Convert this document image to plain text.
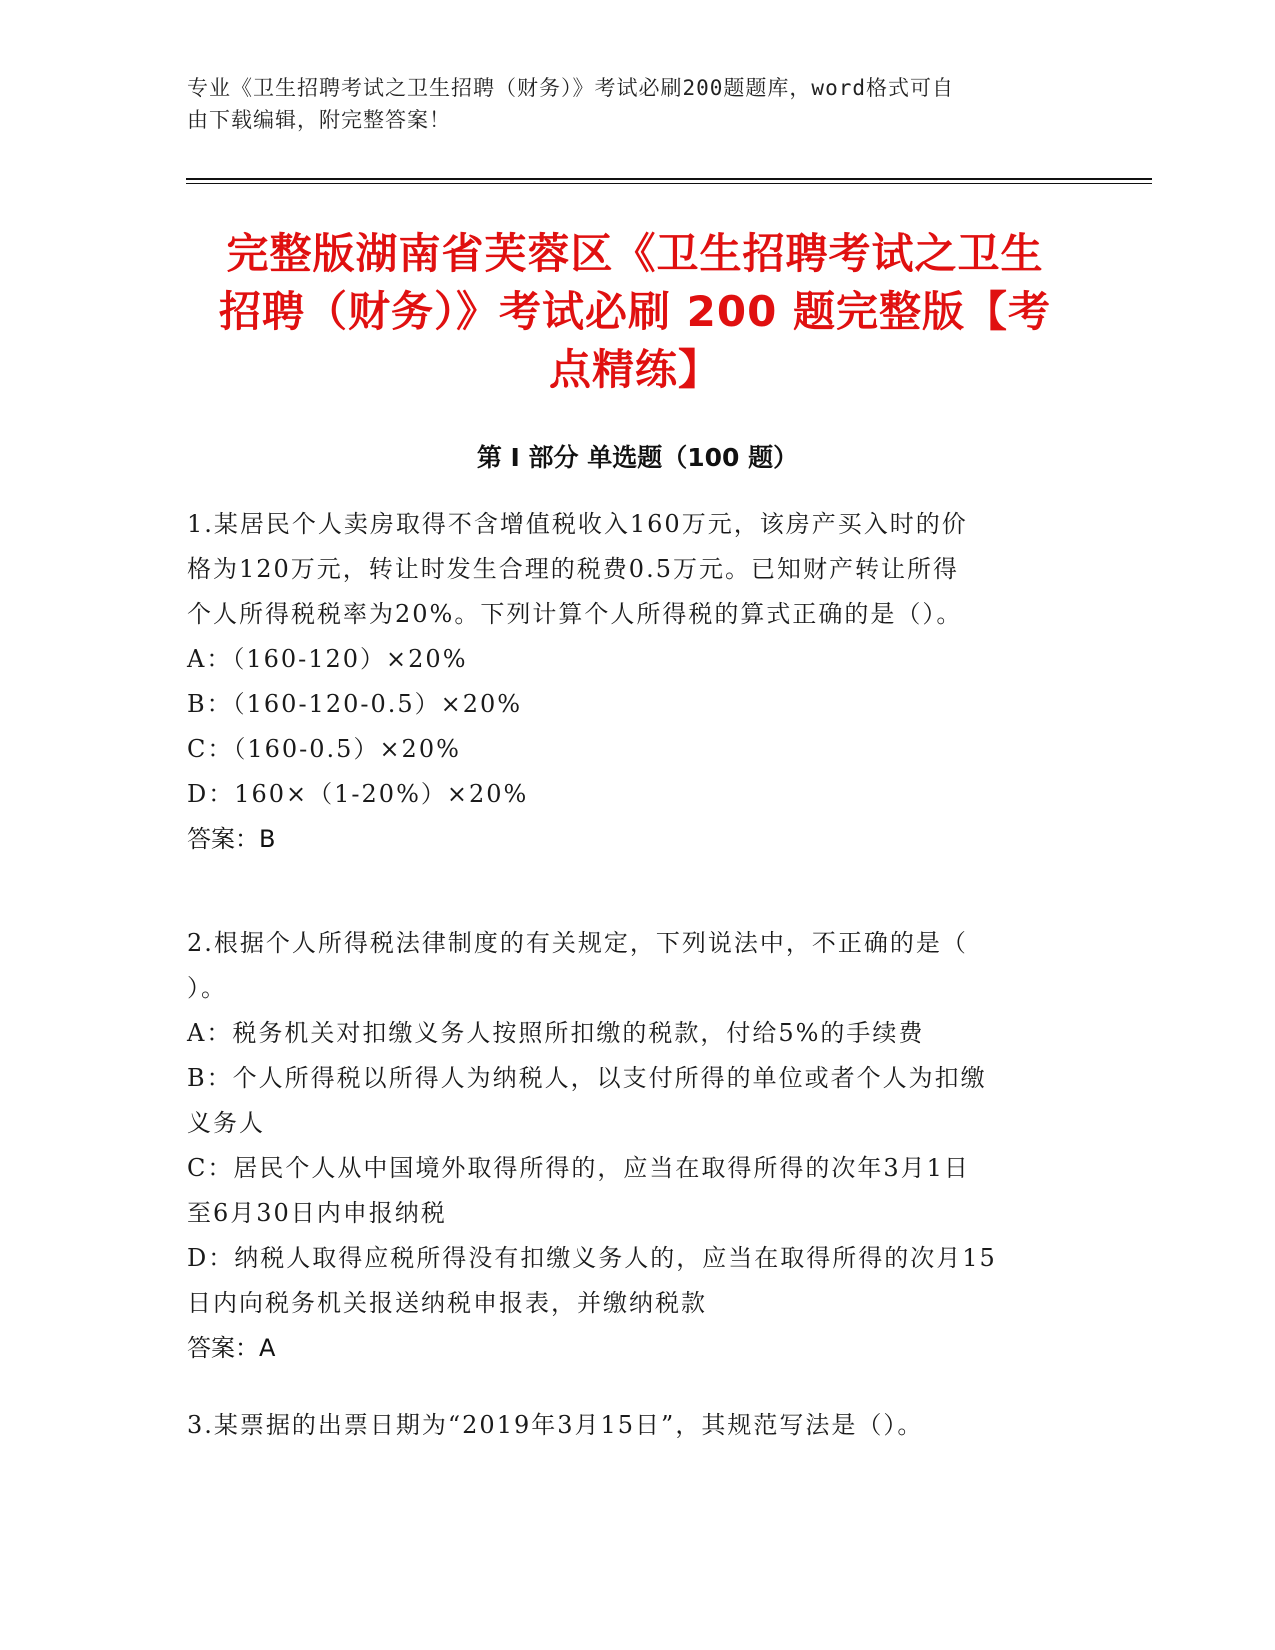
专业《卫生招聘考试之卫生招聘（财务）》考试必刷200题题库，word格式可自
由下载编辑，附完整答案！
完整版湖南省芙蓉区《卫生招聘考试之卫生
招聘（财务）》考试必刷 200 题完整版【考
点精练】
第 I 部分 单选题（100 题）

1.某居民个人卖房取得不含增值税收入160万元，该房产买入时的价

格为120万元，转让时发生合理的税费0.5万元。已知财产转让所得

个人所得税税率为20%。下列计算个人所得税的算式正确的是（）。

A：（160-120）×20%

B：（160-120-0.5）×20%

C：（160-0.5）×20%

D：160×（1-20%）×20%

答案：B

2.根据个人所得税法律制度的有关规定，下列说法中，不正确的是（

）。

A：税务机关对扣缴义务人按照所扣缴的税款，付给5%的手续费

B：个人所得税以所得人为纳税人，以支付所得的单位或者个人为扣缴

义务人

C：居民个人从中国境外取得所得的，应当在取得所得的次年3月1日

至6月30日内申报纳税

D：纳税人取得应税所得没有扣缴义务人的，应当在取得所得的次月15

日内向税务机关报送纳税申报表，并缴纳税款

答案：A

3.某票据的出票日期为“2019年3月15日”，其规范写法是（）。
